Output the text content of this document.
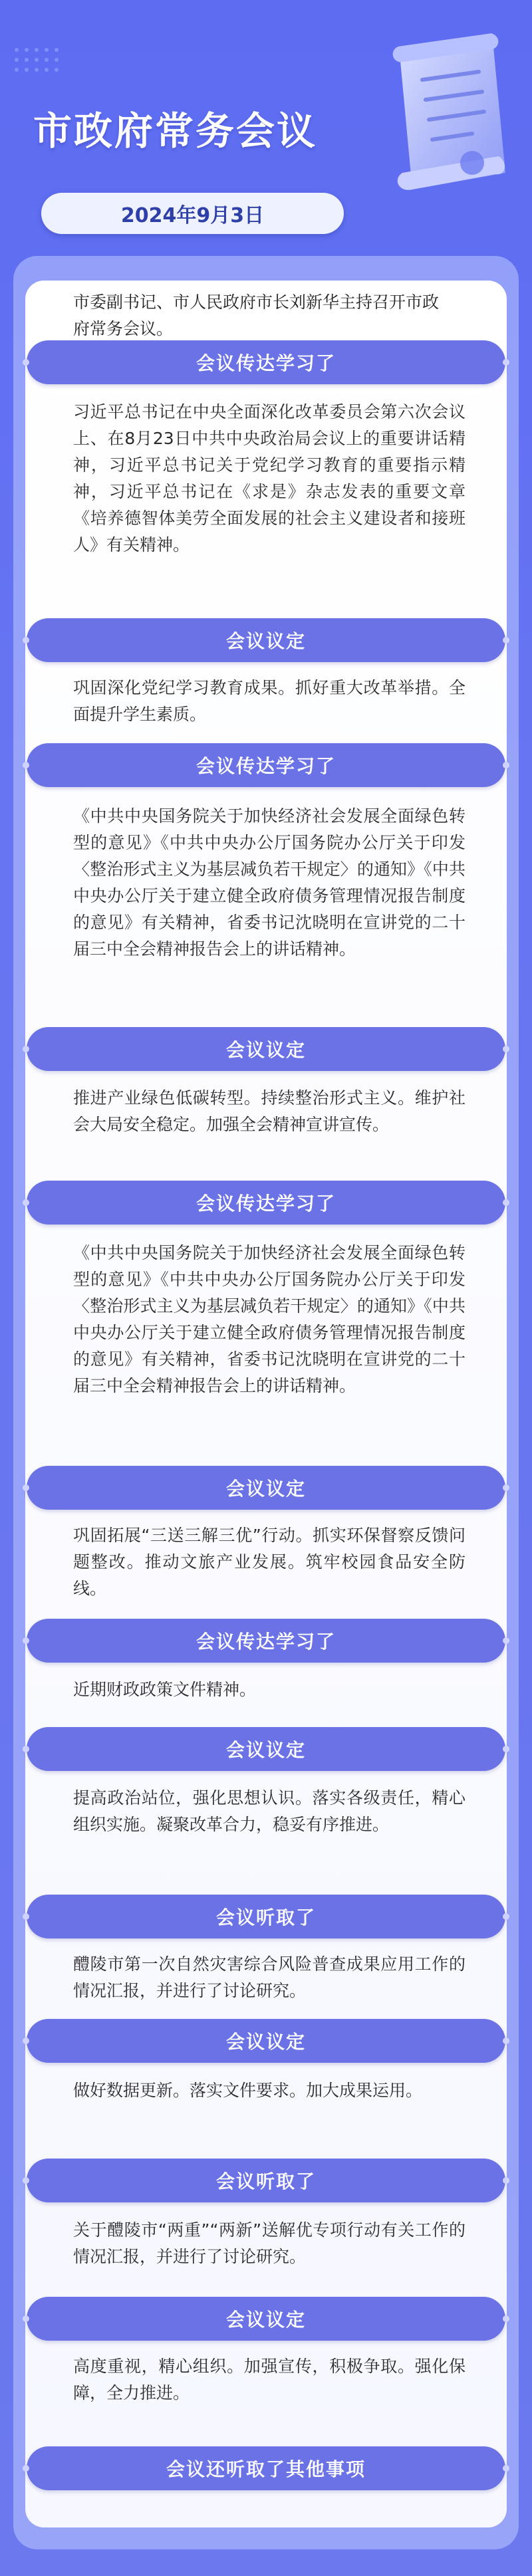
市政府常务会议
2024年9月3日
市委副书记、市人民政府市长刘新华主持召开市政府常务会议。
会议传达学习了
习近平总书记在中央全面深化改革委员会第六次会议上、在8月23日中共中央政治局会议上的重要讲话精神，习近平总书记关于党纪学习教育的重要指示精神，习近平总书记在《求是》杂志发表的重要文章《培养德智体美劳全面发展的社会主义建设者和接班人》有关精神。
会议议定
巩固深化党纪学习教育成果。抓好重大改革举措。全面提升学生素质。
会议传达学习了
《中共中央国务院关于加快经济社会发展全面绿色转型的意见》《中共中央办公厅国务院办公厅关于印发〈整治形式主义为基层减负若干规定〉的通知》《中共中央办公厅关于建立健全政府债务管理情况报告制度的意见》有关精神，省委书记沈晓明在宣讲党的二十届三中全会精神报告会上的讲话精神。
会议议定
推进产业绿色低碳转型。持续整治形式主义。维护社会大局安全稳定。加强全会精神宣讲宣传。
会议传达学习了
《中共中央国务院关于加快经济社会发展全面绿色转型的意见》《中共中央办公厅国务院办公厅关于印发〈整治形式主义为基层减负若干规定〉的通知》《中共中央办公厅关于建立健全政府债务管理情况报告制度的意见》有关精神，省委书记沈晓明在宣讲党的二十届三中全会精神报告会上的讲话精神。
会议议定
巩固拓展“三送三解三优”行动。抓实环保督察反馈问题整改。推动文旅产业发展。筑牢校园食品安全防线。
会议传达学习了
近期财政政策文件精神。
会议议定
提高政治站位，强化思想认识。落实各级责任，精心组织实施。凝聚改革合力，稳妥有序推进。
会议听取了
醴陵市第一次自然灾害综合风险普查成果应用工作的情况汇报，并进行了讨论研究。
会议议定
做好数据更新。落实文件要求。加大成果运用。
会议听取了
关于醴陵市“两重”“两新”送解优专项行动有关工作的情况汇报，并进行了讨论研究。
会议议定
高度重视，精心组织。加强宣传，积极争取。强化保障，全力推进。
会议还听取了其他事项
